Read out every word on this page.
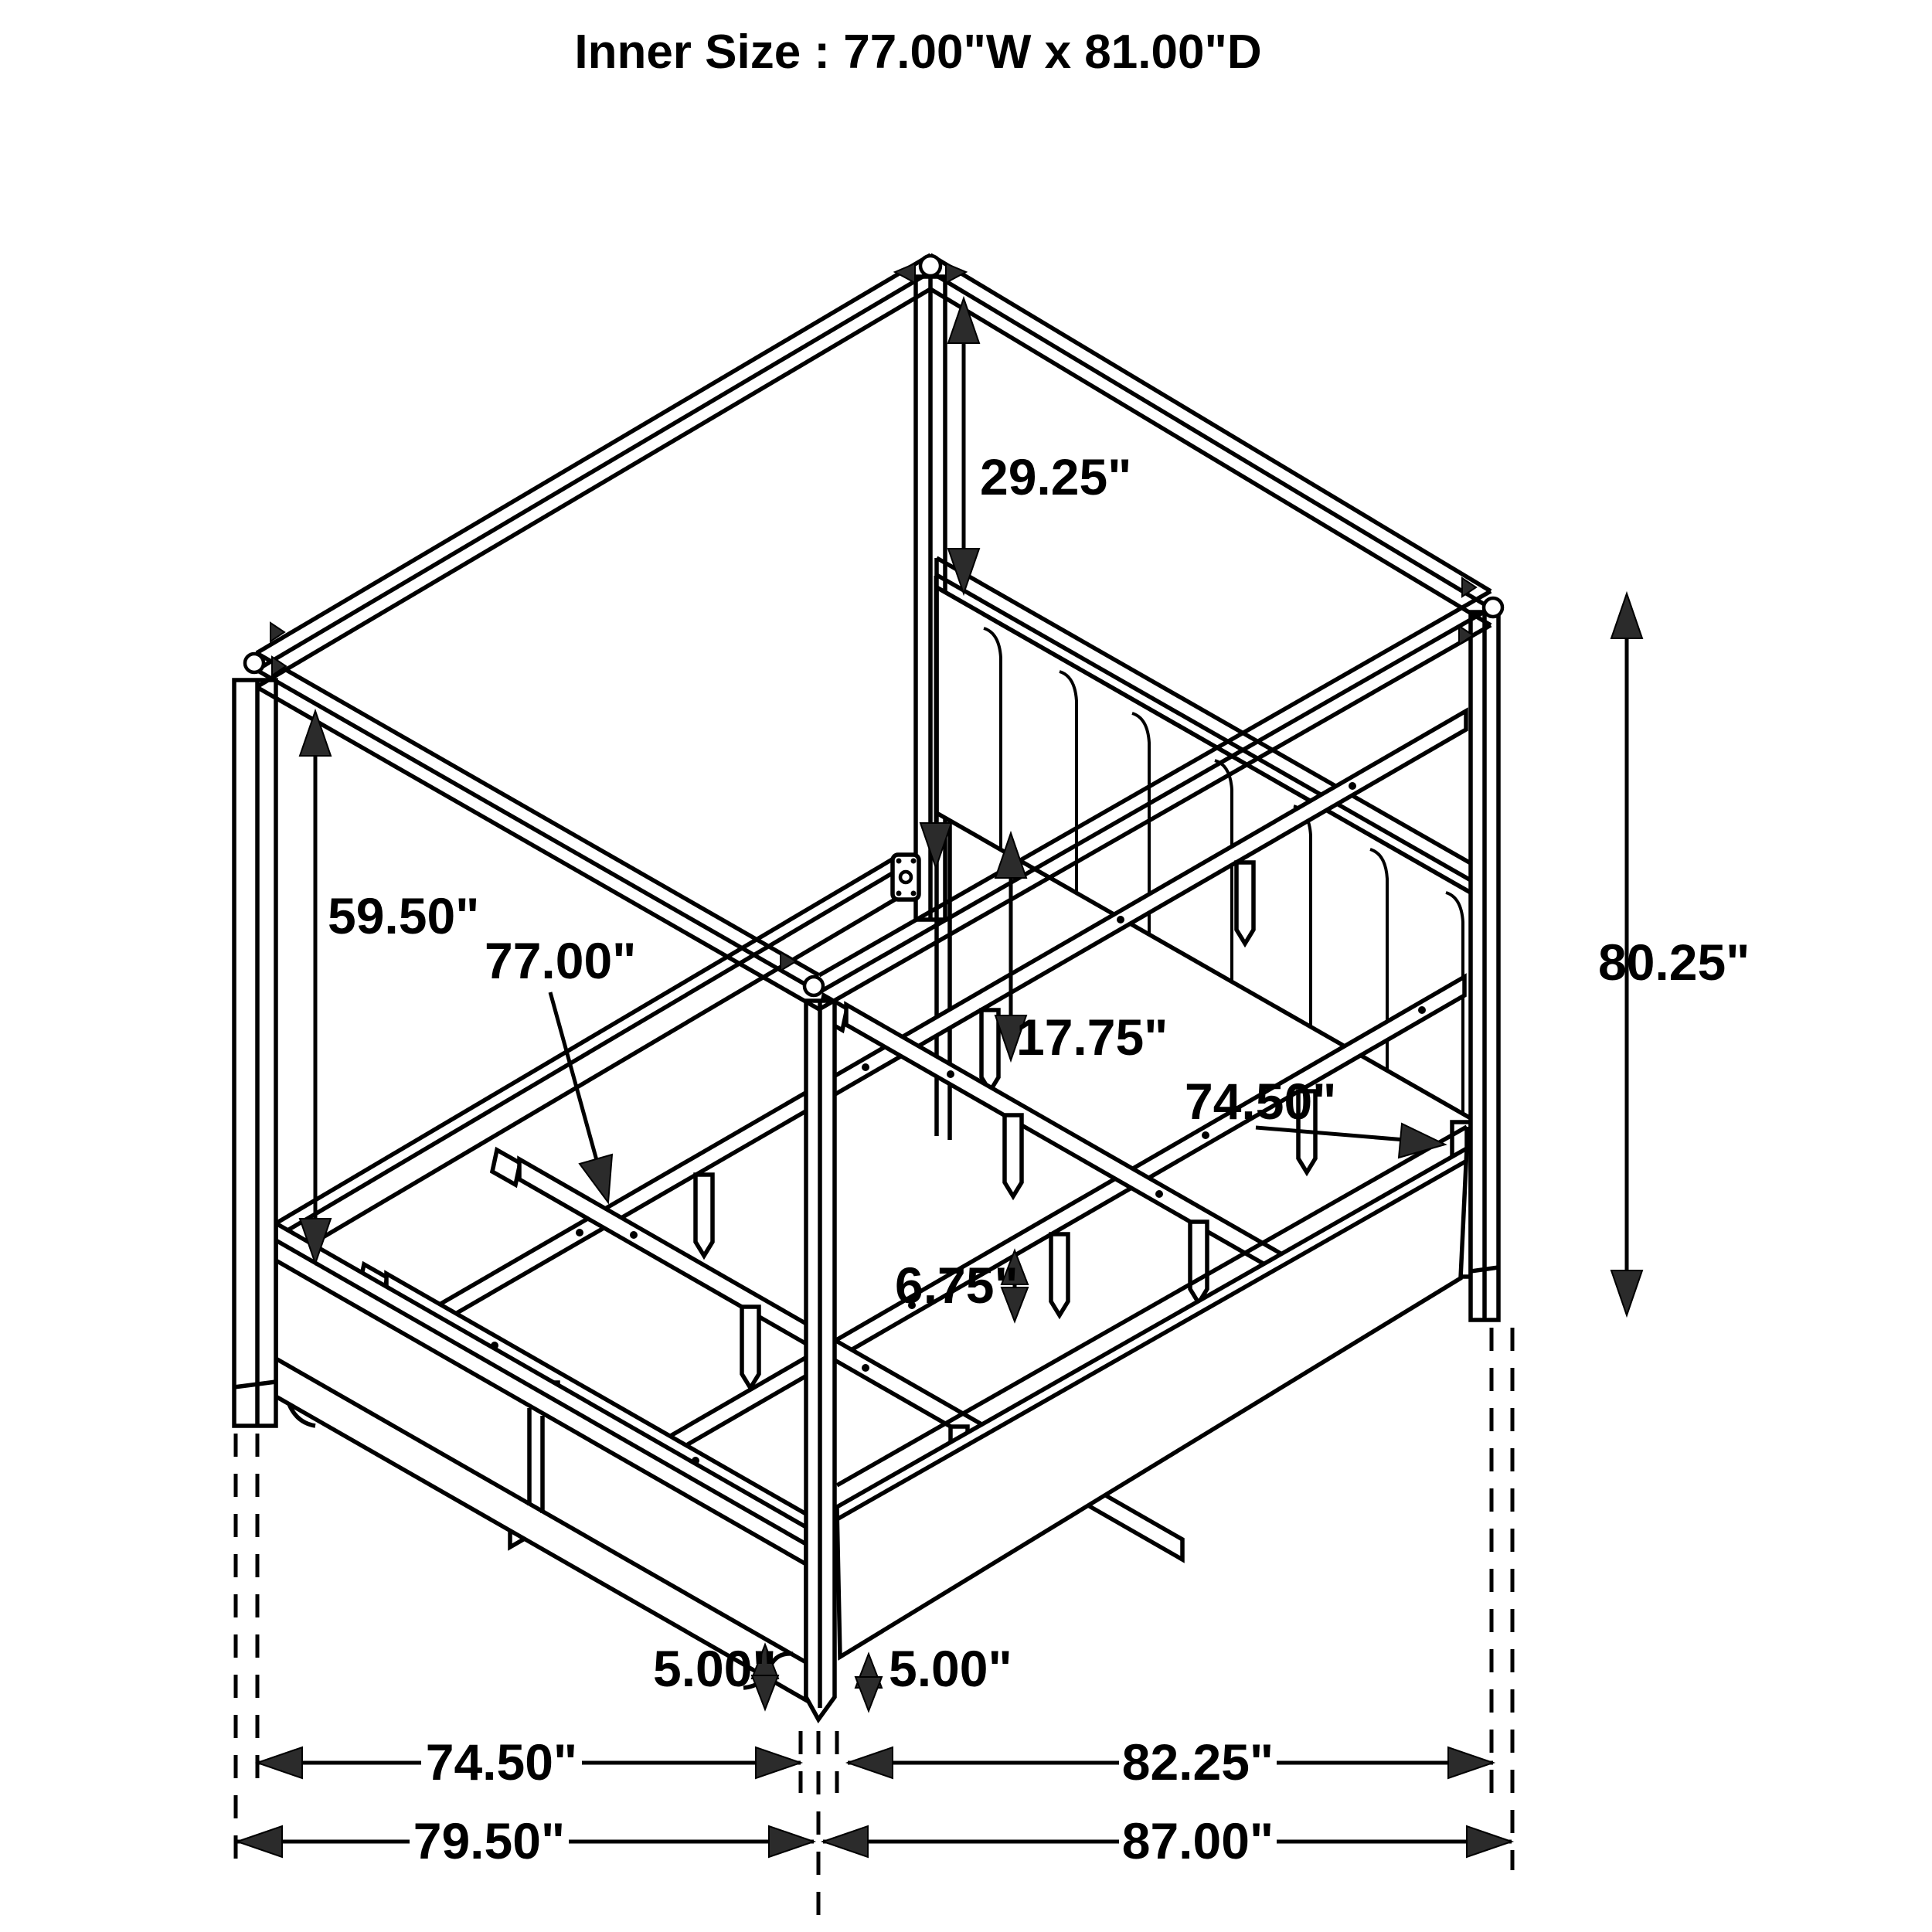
29.25"
59.50"
77.00"
17.75"
74.50"
80.25"
6.75"
5.00" 5.00"
74.50"	82.25"
79.50"	87.00"
Inner Size : 77.00"W x 81.00"D
